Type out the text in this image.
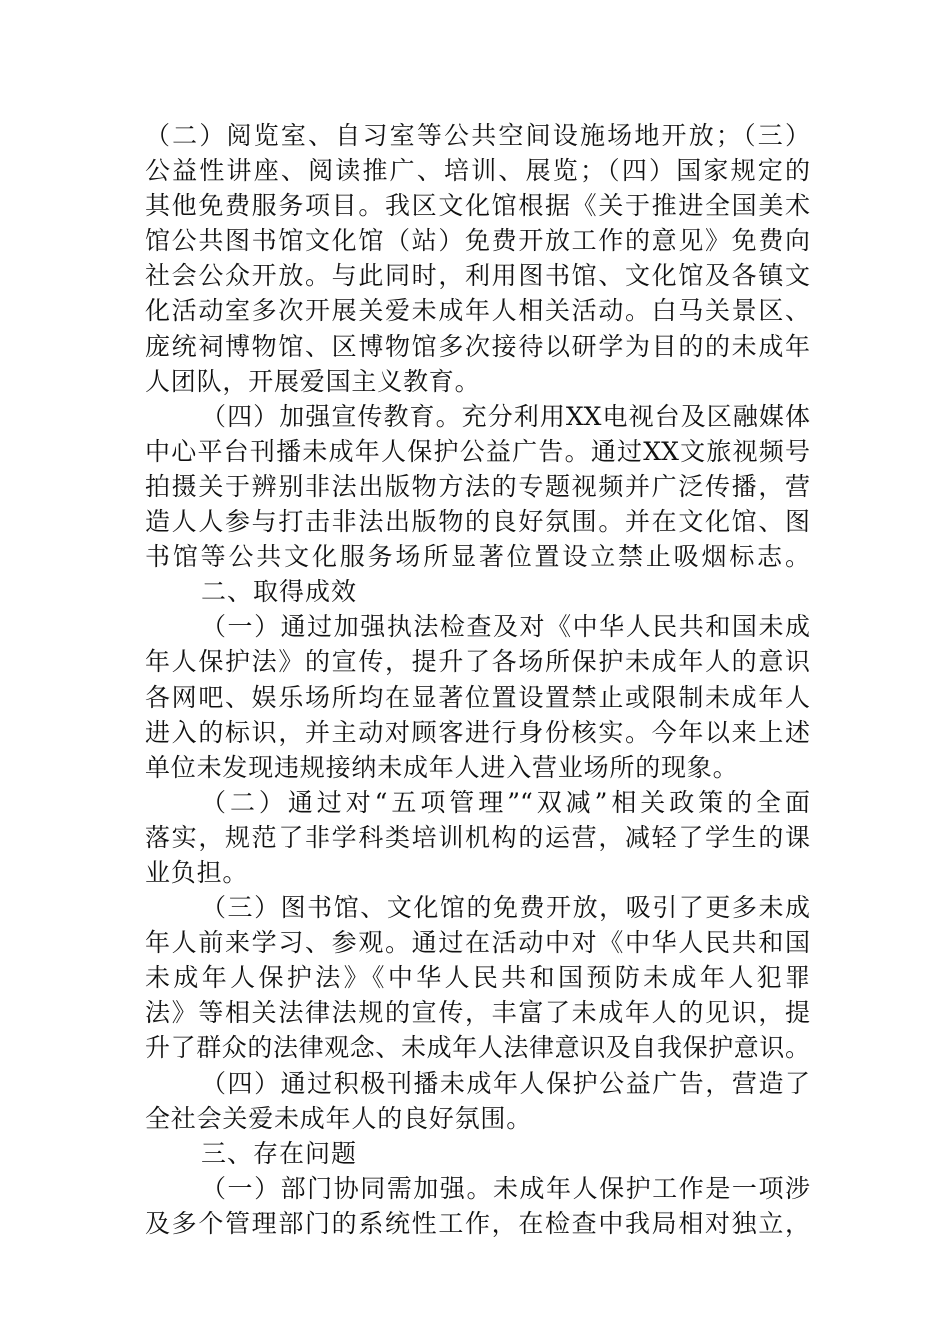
（二）阅览室、自习室等公共空间设施场地开放；（三）
公益性讲座、阅读推广、培训、展览；（四）国家规定的
其他免费服务项目。我区文化馆根据《关于推进全国美术
馆公共图书馆文化馆（站）免费开放工作的意见》免费向
社会公众开放。与此同时，利用图书馆、文化馆及各镇文
化活动室多次开展关爱未成年人相关活动。白马关景区、
庞统祠博物馆、区博物馆多次接待以研学为目的的未成年
人团队，开展爱国主义教育。
（四）加强宣传教育。充分利用XX电视台及区融媒体
中心平台刊播未成年人保护公益广告。通过XX文旅视频号
拍摄关于辨别非法出版物方法的专题视频并广泛传播，营
造人人参与打击非法出版物的良好氛围。并在文化馆、图
书馆等公共文化服务场所显著位置设立禁止吸烟标志。
二、取得成效
（一）通过加强执法检查及对《中华人民共和国未成
年人保护法》的宣传，提升了各场所保护未成年人的意识
各网吧、娱乐场所均在显著位置设置禁止或限制未成年人
进入的标识，并主动对顾客进行身份核实。今年以来上述
单位未发现违规接纳未成年人进入营业场所的现象。
（二）通过对“五项管理”“双减”相关政策的全面
落实，规范了非学科类培训机构的运营，减轻了学生的课
业负担。
（三）图书馆、文化馆的免费开放，吸引了更多未成
年人前来学习、参观。通过在活动中对《中华人民共和国
未成年人保护法》《中华人民共和国预防未成年人犯罪
法》等相关法律法规的宣传，丰富了未成年人的见识，提
升了群众的法律观念、未成年人法律意识及自我保护意识。
（四）通过积极刊播未成年人保护公益广告，营造了
全社会关爱未成年人的良好氛围。
三、存在问题
（一）部门协同需加强。未成年人保护工作是一项涉
及多个管理部门的系统性工作，在检查中我局相对独立，
